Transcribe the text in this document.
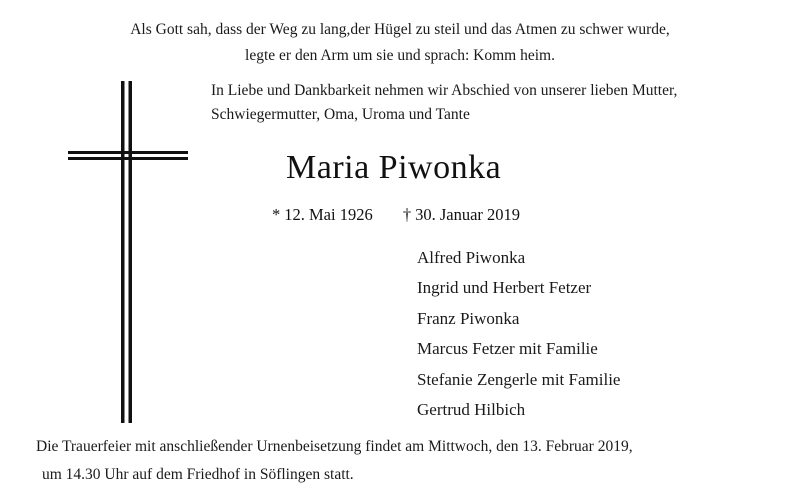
Als Gott sah, dass der Weg zu lang,der Hügel zu steil und das Atmen zu schwer wurde,
legte er den Arm um sie und sprach: Komm heim.
In Liebe und Dankbarkeit nehmen wir Abschied von unserer lieben Mutter,
Schwiegermutter, Oma, Uroma und Tante
Maria Piwonka
* 12. Mai 1926 † 30. Januar 2019
Alfred Piwonka
Ingrid und Herbert Fetzer
Franz Piwonka
Marcus Fetzer mit Familie
Stefanie Zengerle mit Familie
Gertrud Hilbich
Die Trauerfeier mit anschließender Urnenbeisetzung findet am Mittwoch, den 13. Februar 2019,
um 14.30 Uhr auf dem Friedhof in Söflingen statt.
